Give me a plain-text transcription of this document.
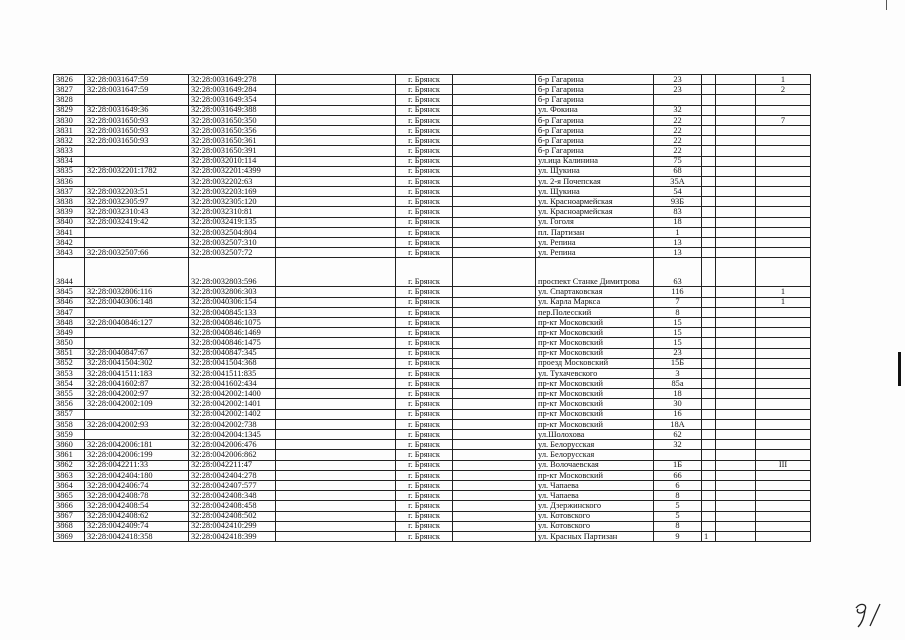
3826	32:28:0031647:59	32:28:0031649:278		г. Брянск		б-р Гагарина	23			1
3827	32:28:0031647:59	32:28:0031649:284		г. Брянск		б-р Гагарина	23			2
3828		32:28:0031649:354		г. Брянск		б-р Гагарина				
3829	32:28:0031649:36	32:28:0031649:388		г. Брянск		ул. Фокина	32			
3830	32:28:0031650:93	32:28:0031650:350		г. Брянск		б-р Гагарина	22			7
3831	32:28:0031650:93	32:28:0031650:356		г. Брянск		б-р Гагарина	22			
3832	32:28:0031650:93	32:28:0031650:361		г. Брянск		б-р Гагарина	22			
3833		32:28:0031650:391		г. Брянск		б-р Гагарина	22			
3834		32:28:0032010:114		г. Брянск		ул.ица Калинина	75			
3835	32:28:0032201:1782	32:28:0032201:4399		г. Брянск		ул. Щукина	68			
3836		32:28:0032202:63		г. Брянск		ул. 2-я Почепская	35А			
3837	32:28:0032203:51	32:28:0032203:169		г. Брянск		ул. Щукина	54			
3838	32:28:0032305:97	32:28:0032305:120		г. Брянск		ул. Красноармейская	93Б			
3839	32:28:0032310:43	32:28:0032310:81		г. Брянск		ул. Красноармейская	83			
3840	32:28:0032419:42	32:28:0032419:135		г. Брянск		ул. Гоголя	18			
3841		32:28:0032504:804		г. Брянск		пл. Партизан	1			
3842		32:28:0032507:310		г. Брянск		ул. Репина	13			
3843	32:28:0032507:66	32:28:0032507:72		г. Брянск		ул. Репина	13			
3844		32:28:0032803:596		г. Брянск		проспект Станке Димитрова	63			
3845	32:28:0032806:116	32:28:0032806:303		г. Брянск		ул. Спартаковская	116			1
3846	32:28:0040306:148	32:28:0040306:154		г. Брянск		ул. Карла Маркса	7			1
3847		32:28:0040845:133		г. Брянск		пер.Полесский	8			
3848	32:28:0040846:127	32:28:0040846:1075		г. Брянск		пр-кт Московский	15			
3849		32:28:0040846:1469		г. Брянск		пр-кт Московский	15			
3850		32:28:0040846:1475		г. Брянск		пр-кт Московский	15			
3851	32:28:0040847:67	32:28:0040847:345		г. Брянск		пр-кт Московский	23			
3852	32:28:0041504:302	32:28:0041504:368		г. Брянск		проезд Московский	15Б			
3853	32:28:0041511:183	32:28:0041511:835		г. Брянск		ул. Тухачевского	3			
3854	32:28:0041602:87	32:28:0041602:434		г. Брянск		пр-кт Московский	85а			
3855	32:28:0042002:97	32:28:0042002:1400		г. Брянск		пр-кт Московский	18			
3856	32:28:0042002:109	32:28:0042002:1401		г. Брянск		пр-кт Московский	30			
3857		32:28:0042002:1402		г. Брянск		пр-кт Московский	16			
3858	32:28:0042002:93	32:28:0042002:738		г. Брянск		пр-кт Московский	18А			
3859		32:28:0042004:1345		г. Брянск		ул.Шолохова	62			
3860	32:28:0042006:181	32:28:0042006:476		г. Брянск		ул. Белорусская	32			
3861	32:28:0042006:199	32:28:0042006:862		г. Брянск		ул. Белорусская				
3862	32:28:0042211:33	32:28:0042211:47		г. Брянск		ул. Волочаевская	1Б			III
3863	32:28:0042404:180	32:28:0042404:278		г. Брянск		пр-кт Московский	66			
3864	32:28:0042406:74	32:28:0042407:577		г. Брянск		ул. Чапаева	6			
3865	32:28:0042408:78	32:28:0042408:348		г. Брянск		ул. Чапаева	8			
3866	32:28:0042408:54	32:28:0042408:458		г. Брянск		ул. Дзержинского	5			
3867	32:28:0042408:62	32:28:0042408:502		г. Брянск		ул. Котовского	5			
3868	32:28:0042409:74	32:28:0042410:299		г. Брянск		ул. Котовского	8			
3869	32:28:0042418:358	32:28:0042418:399		г. Брянск		ул. Красных Партизан	9	1		
